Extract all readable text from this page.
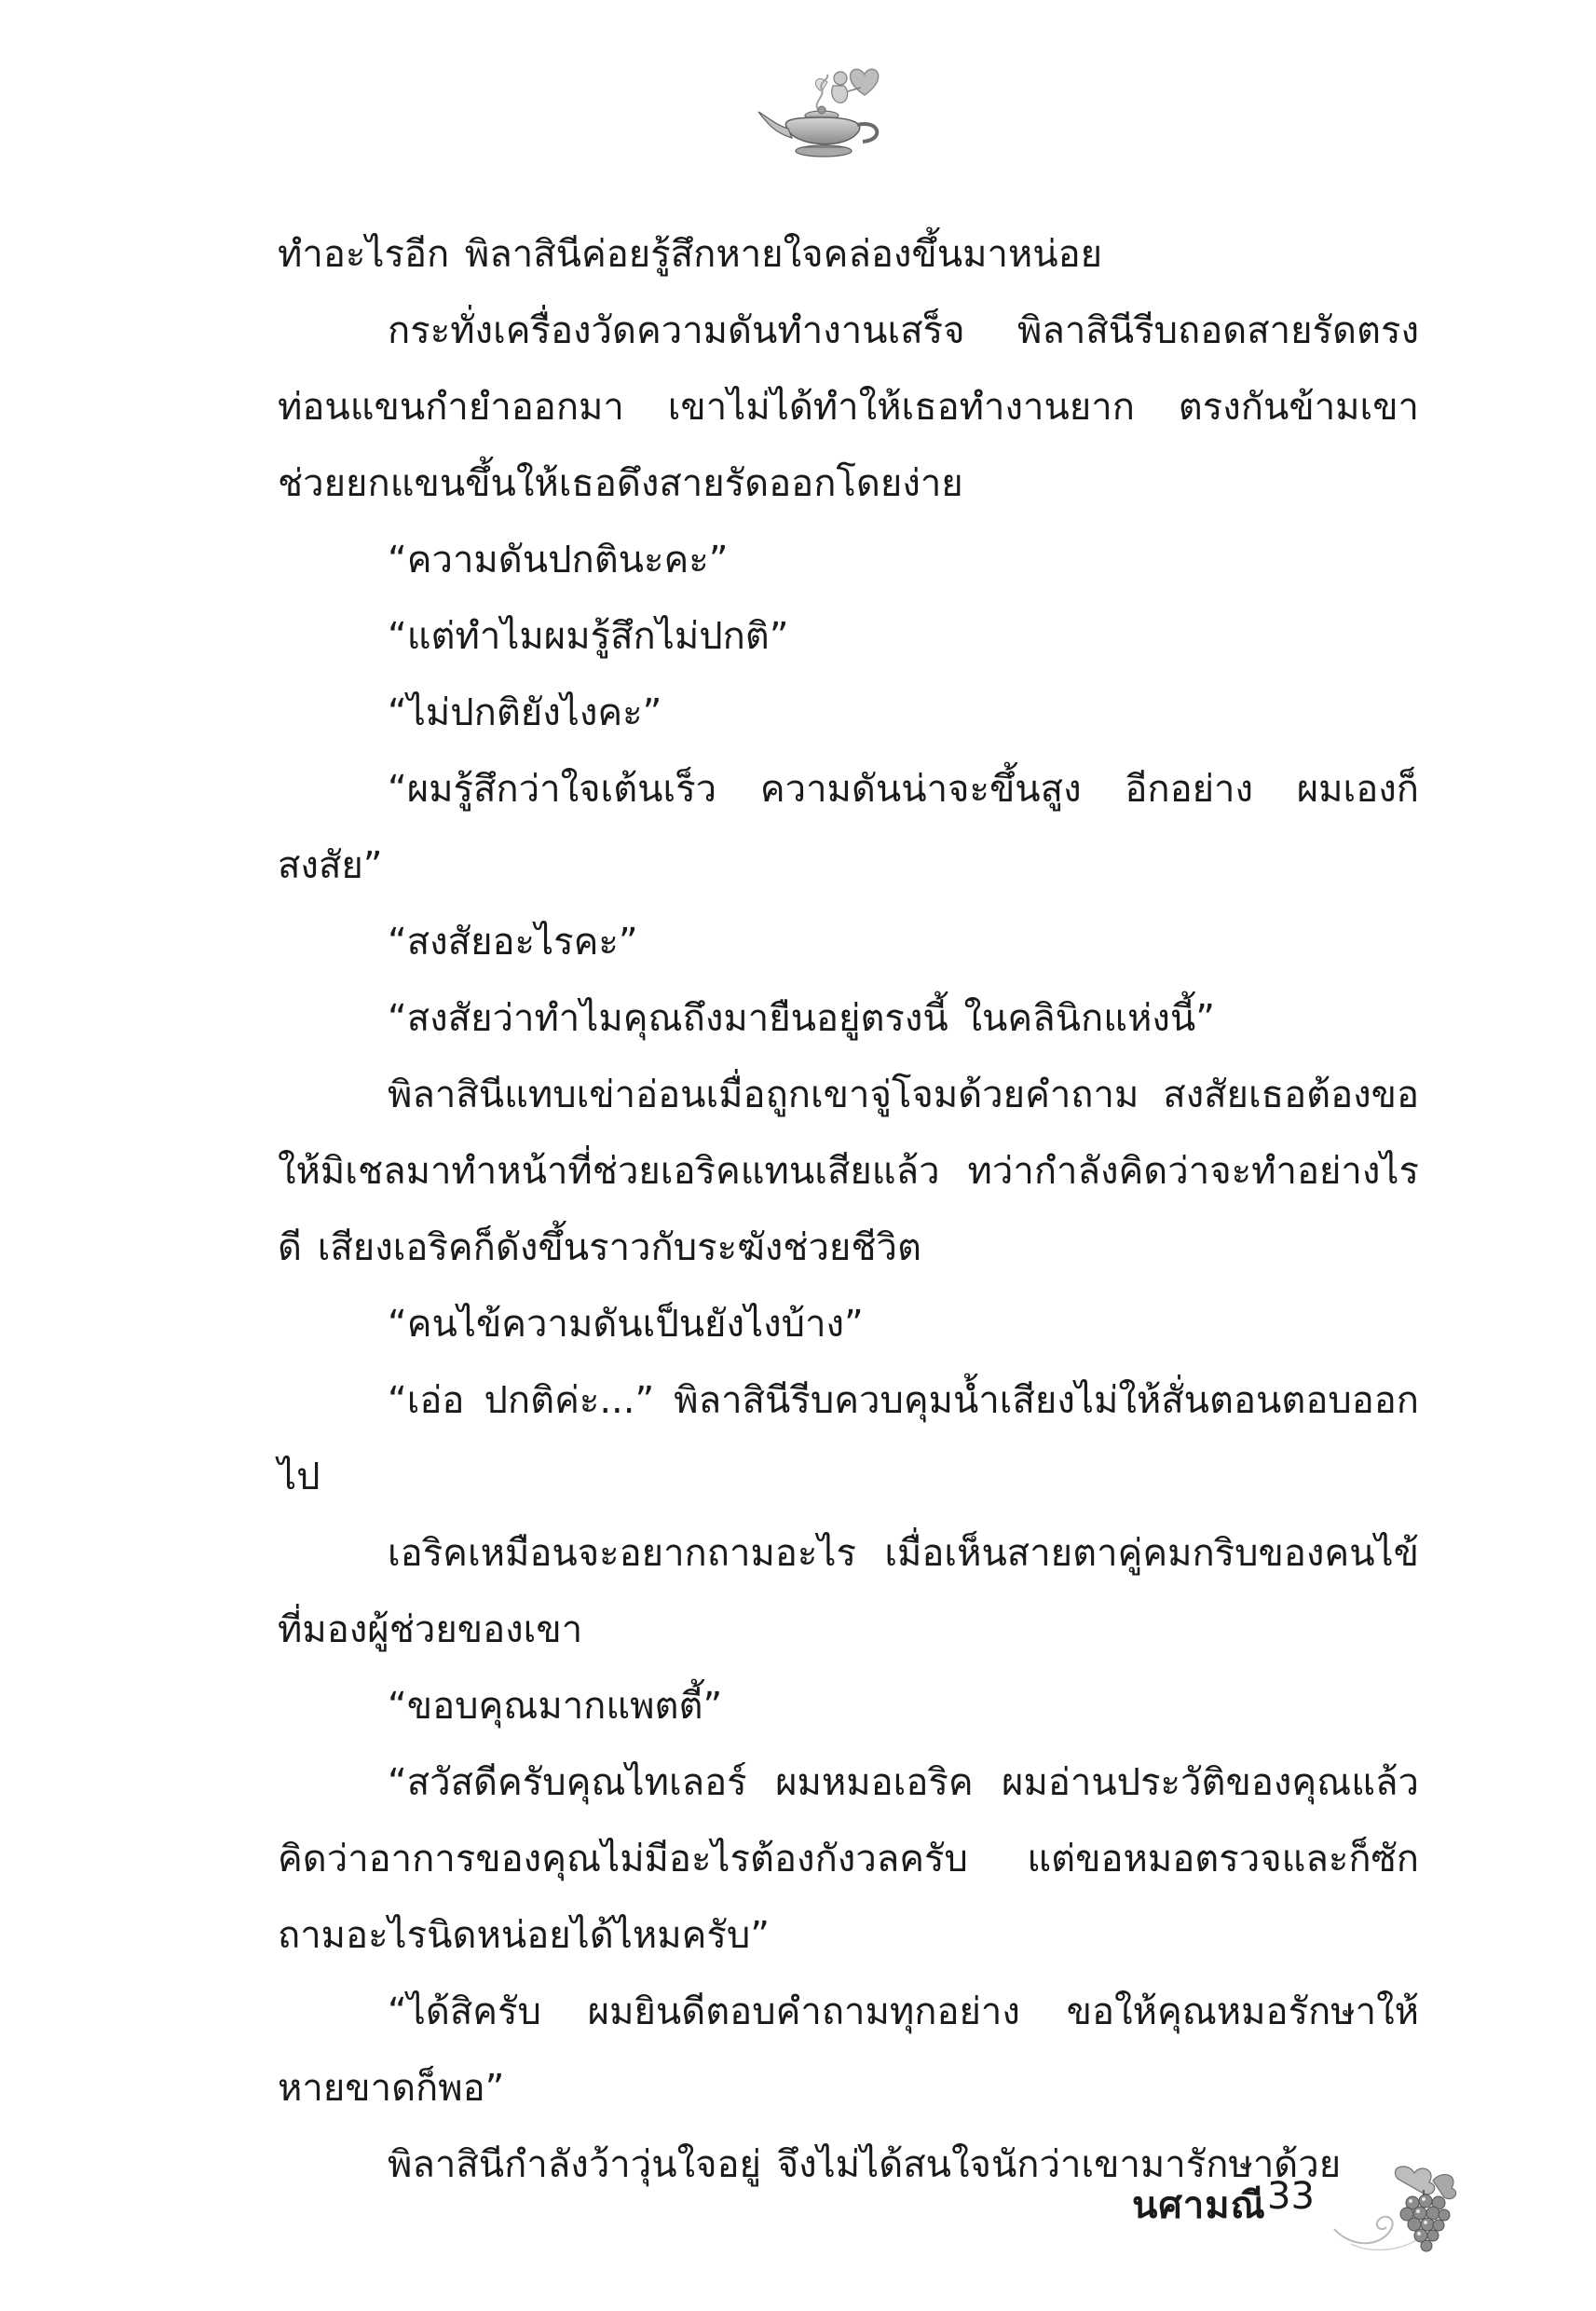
ทำอะไรอีก พิลาสินีค่อยรู้สึกหายใจคล่องขึ้นมาหน่อย

กระทั่งเครื่องวัดความดันทำงานเสร็จ พิลาสินีรีบถอดสายรัดตรงท่อนแขนกำยำออกมา เขาไม่ได้ทำให้เธอทำงานยาก ตรงกันข้ามเขาช่วยยกแขนขึ้นให้เธอดึงสายรัดออกโดยง่าย

“ความดันปกตินะคะ”

“แต่ทำไมผมรู้สึกไม่ปกติ”

“ไม่ปกติยังไงคะ”

“ผมรู้สึกว่าใจเต้นเร็ว ความดันน่าจะขึ้นสูง อีกอย่าง ผมเองก็สงสัย”

“สงสัยอะไรคะ”

“สงสัยว่าทำไมคุณถึงมายืนอยู่ตรงนี้ ในคลินิกแห่งนี้”

พิลาสินีแทบเข่าอ่อนเมื่อถูกเขาจู่โจมด้วยคำถาม สงสัยเธอต้องขอให้มิเชลมาทำหน้าที่ช่วยเอริคแทนเสียแล้ว ทว่ากำลังคิดว่าจะทำอย่างไรดี เสียงเอริคก็ดังขึ้นราวกับระฆังช่วยชีวิต

“คนไข้ความดันเป็นยังไงบ้าง”

“เอ่อ ปกติค่ะ...” พิลาสินีรีบควบคุมน้ำเสียงไม่ให้สั่นตอนตอบออกไป

เอริคเหมือนจะอยากถามอะไร เมื่อเห็นสายตาคู่คมกริบของคนไข้ที่มองผู้ช่วยของเขา

“ขอบคุณมากแพตตี้”

“สวัสดีครับคุณไทเลอร์ ผมหมอเอริค ผมอ่านประวัติของคุณแล้วคิดว่าอาการของคุณไม่มีอะไรต้องกังวลครับ แต่ขอหมอตรวจและก็ซักถามอะไรนิดหน่อยได้ไหมครับ”

“ได้สิครับ ผมยินดีตอบคำถามทุกอย่าง ขอให้คุณหมอรักษาให้หายขาดก็พอ”

พิลาสินีกำลังว้าวุ่นใจอยู่ จึงไม่ได้สนใจนักว่าเขามารักษาด้วย

นศามณี 33
